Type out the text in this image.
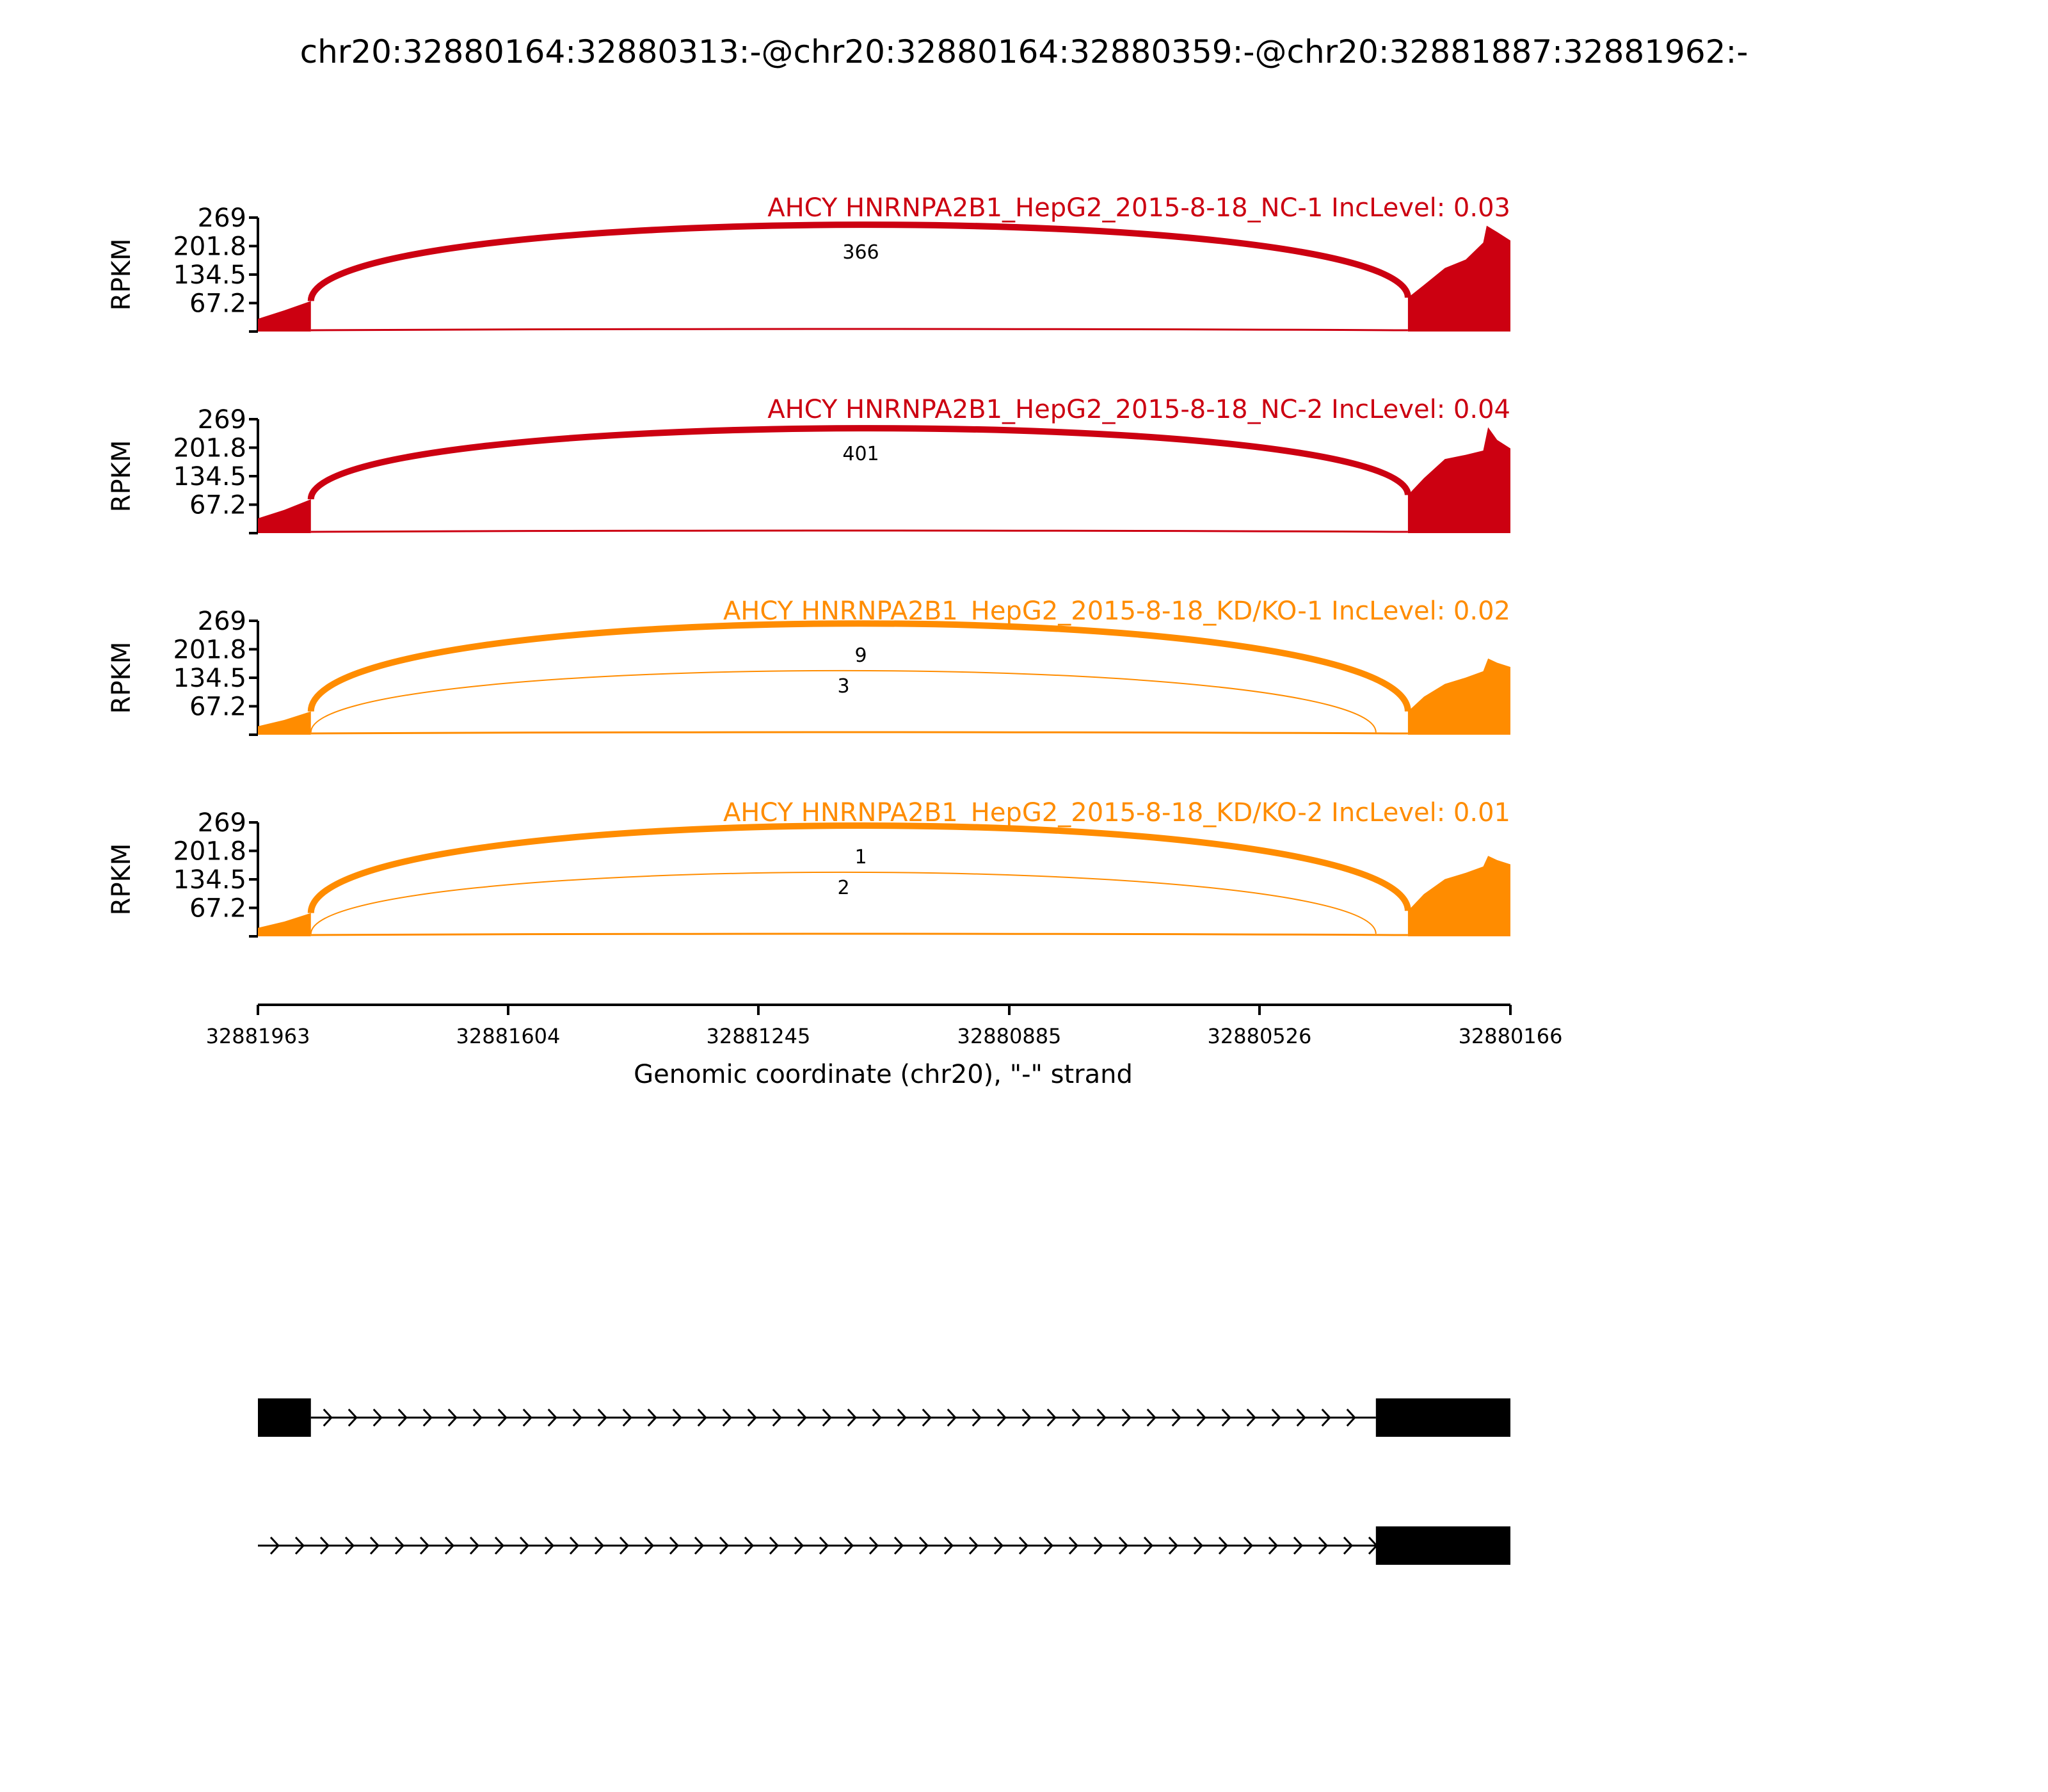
chr20:32880164:32880313:-@chr20:32880164:32880359:-@chr20:32881887:32881962:-
269
201.8
134.5
67.2
RPKM
AHCY HNRNPA2B1_HepG2_2015-8-18_NC-1 IncLevel: 0.03
366
269
201.8
134.5
67.2
RPKM
AHCY HNRNPA2B1_HepG2_2015-8-18_NC-2 IncLevel: 0.04
401
269
201.8
134.5
67.2
RPKM
AHCY HNRNPA2B1_HepG2_2015-8-18_KD/KO-1 IncLevel: 0.02
9
3
269
201.8
134.5
67.2
RPKM
AHCY HNRNPA2B1_HepG2_2015-8-18_KD/KO-2 IncLevel: 0.01
1
2
32881963	32881604	32881245	32880885	32880526	32880166
Genomic coordinate (chr20), "-" strand
